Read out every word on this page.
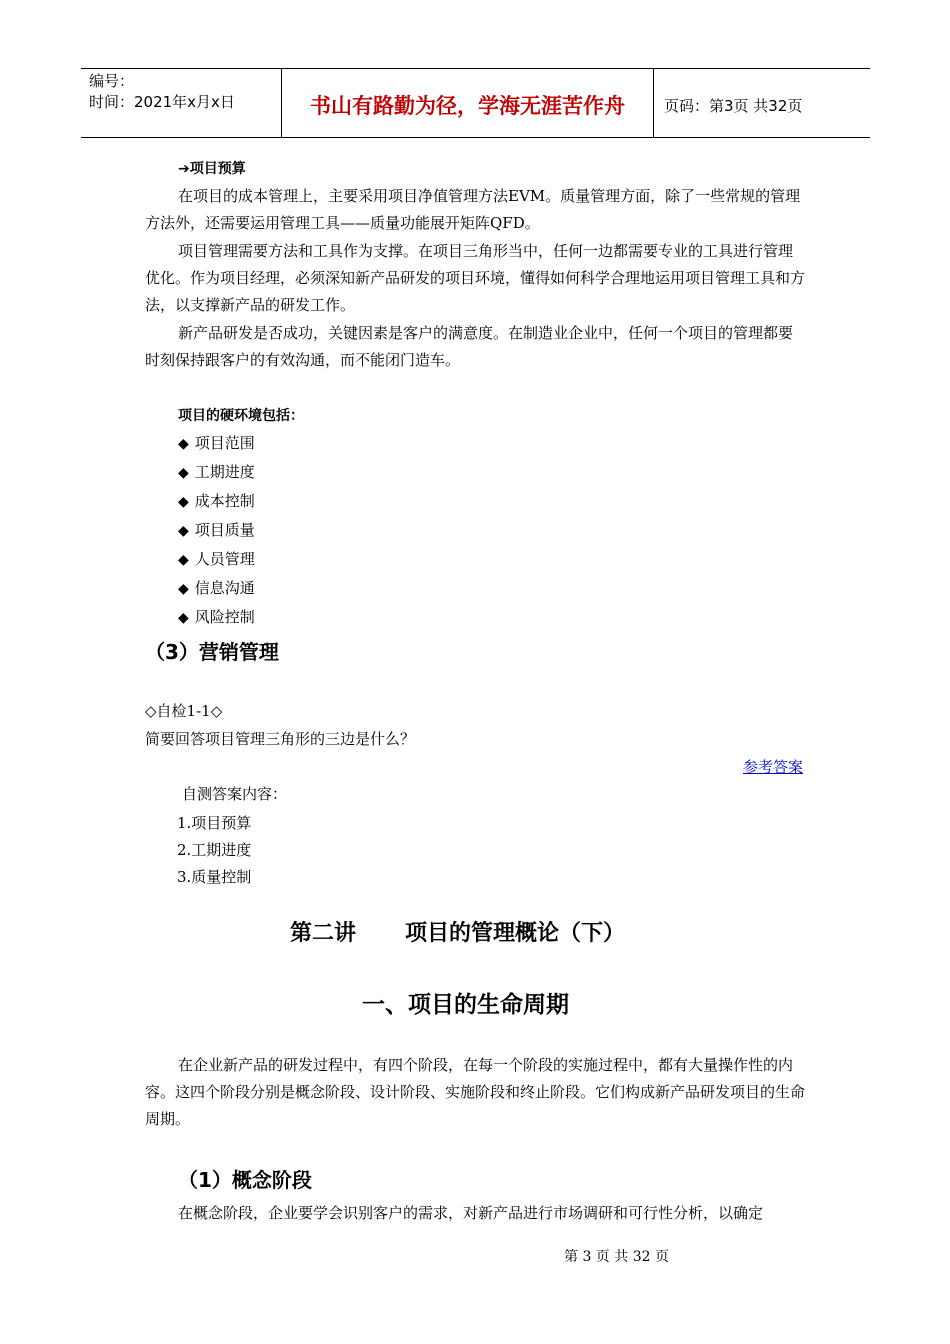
编号：
时间：2021年x月x日	书山有路勤为径，学海无涯苦作舟	页码：第3页 共32页
➔项目预算
在项目的成本管理上，主要采用项目净值管理方法EVM。质量管理方面，除了一些常规的管理方法外，还需要运用管理工具——质量功能展开矩阵QFD。
项目管理需要方法和工具作为支撑。在项目三角形当中，任何一边都需要专业的工具进行管理优化。作为项目经理，必须深知新产品研发的项目环境，懂得如何科学合理地运用项目管理工具和方法，以支撑新产品的研发工作。
新产品研发是否成功，关键因素是客户的满意度。在制造业企业中，任何一个项目的管理都要时刻保持跟客户的有效沟通，而不能闭门造车。
项目的硬环境包括：
◆ 项目范围
◆ 工期进度
◆ 成本控制
◆ 项目质量
◆ 人员管理
◆ 信息沟通
◆ 风险控制
（3）营销管理
◇自检1-1◇
简要回答项目管理三角形的三边是什么？
参考答案
自测答案内容：
1.项目预算
2.工期进度
3.质量控制
第二讲 项目的管理概论（下）
一、项目的生命周期
在企业新产品的研发过程中，有四个阶段，在每一个阶段的实施过程中，都有大量操作性的内容。这四个阶段分别是概念阶段、设计阶段、实施阶段和终止阶段。它们构成新产品研发项目的生命周期。
（1）概念阶段
在概念阶段，企业要学会识别客户的需求，对新产品进行市场调研和可行性分析，以确定
第 3 页 共 32 页
